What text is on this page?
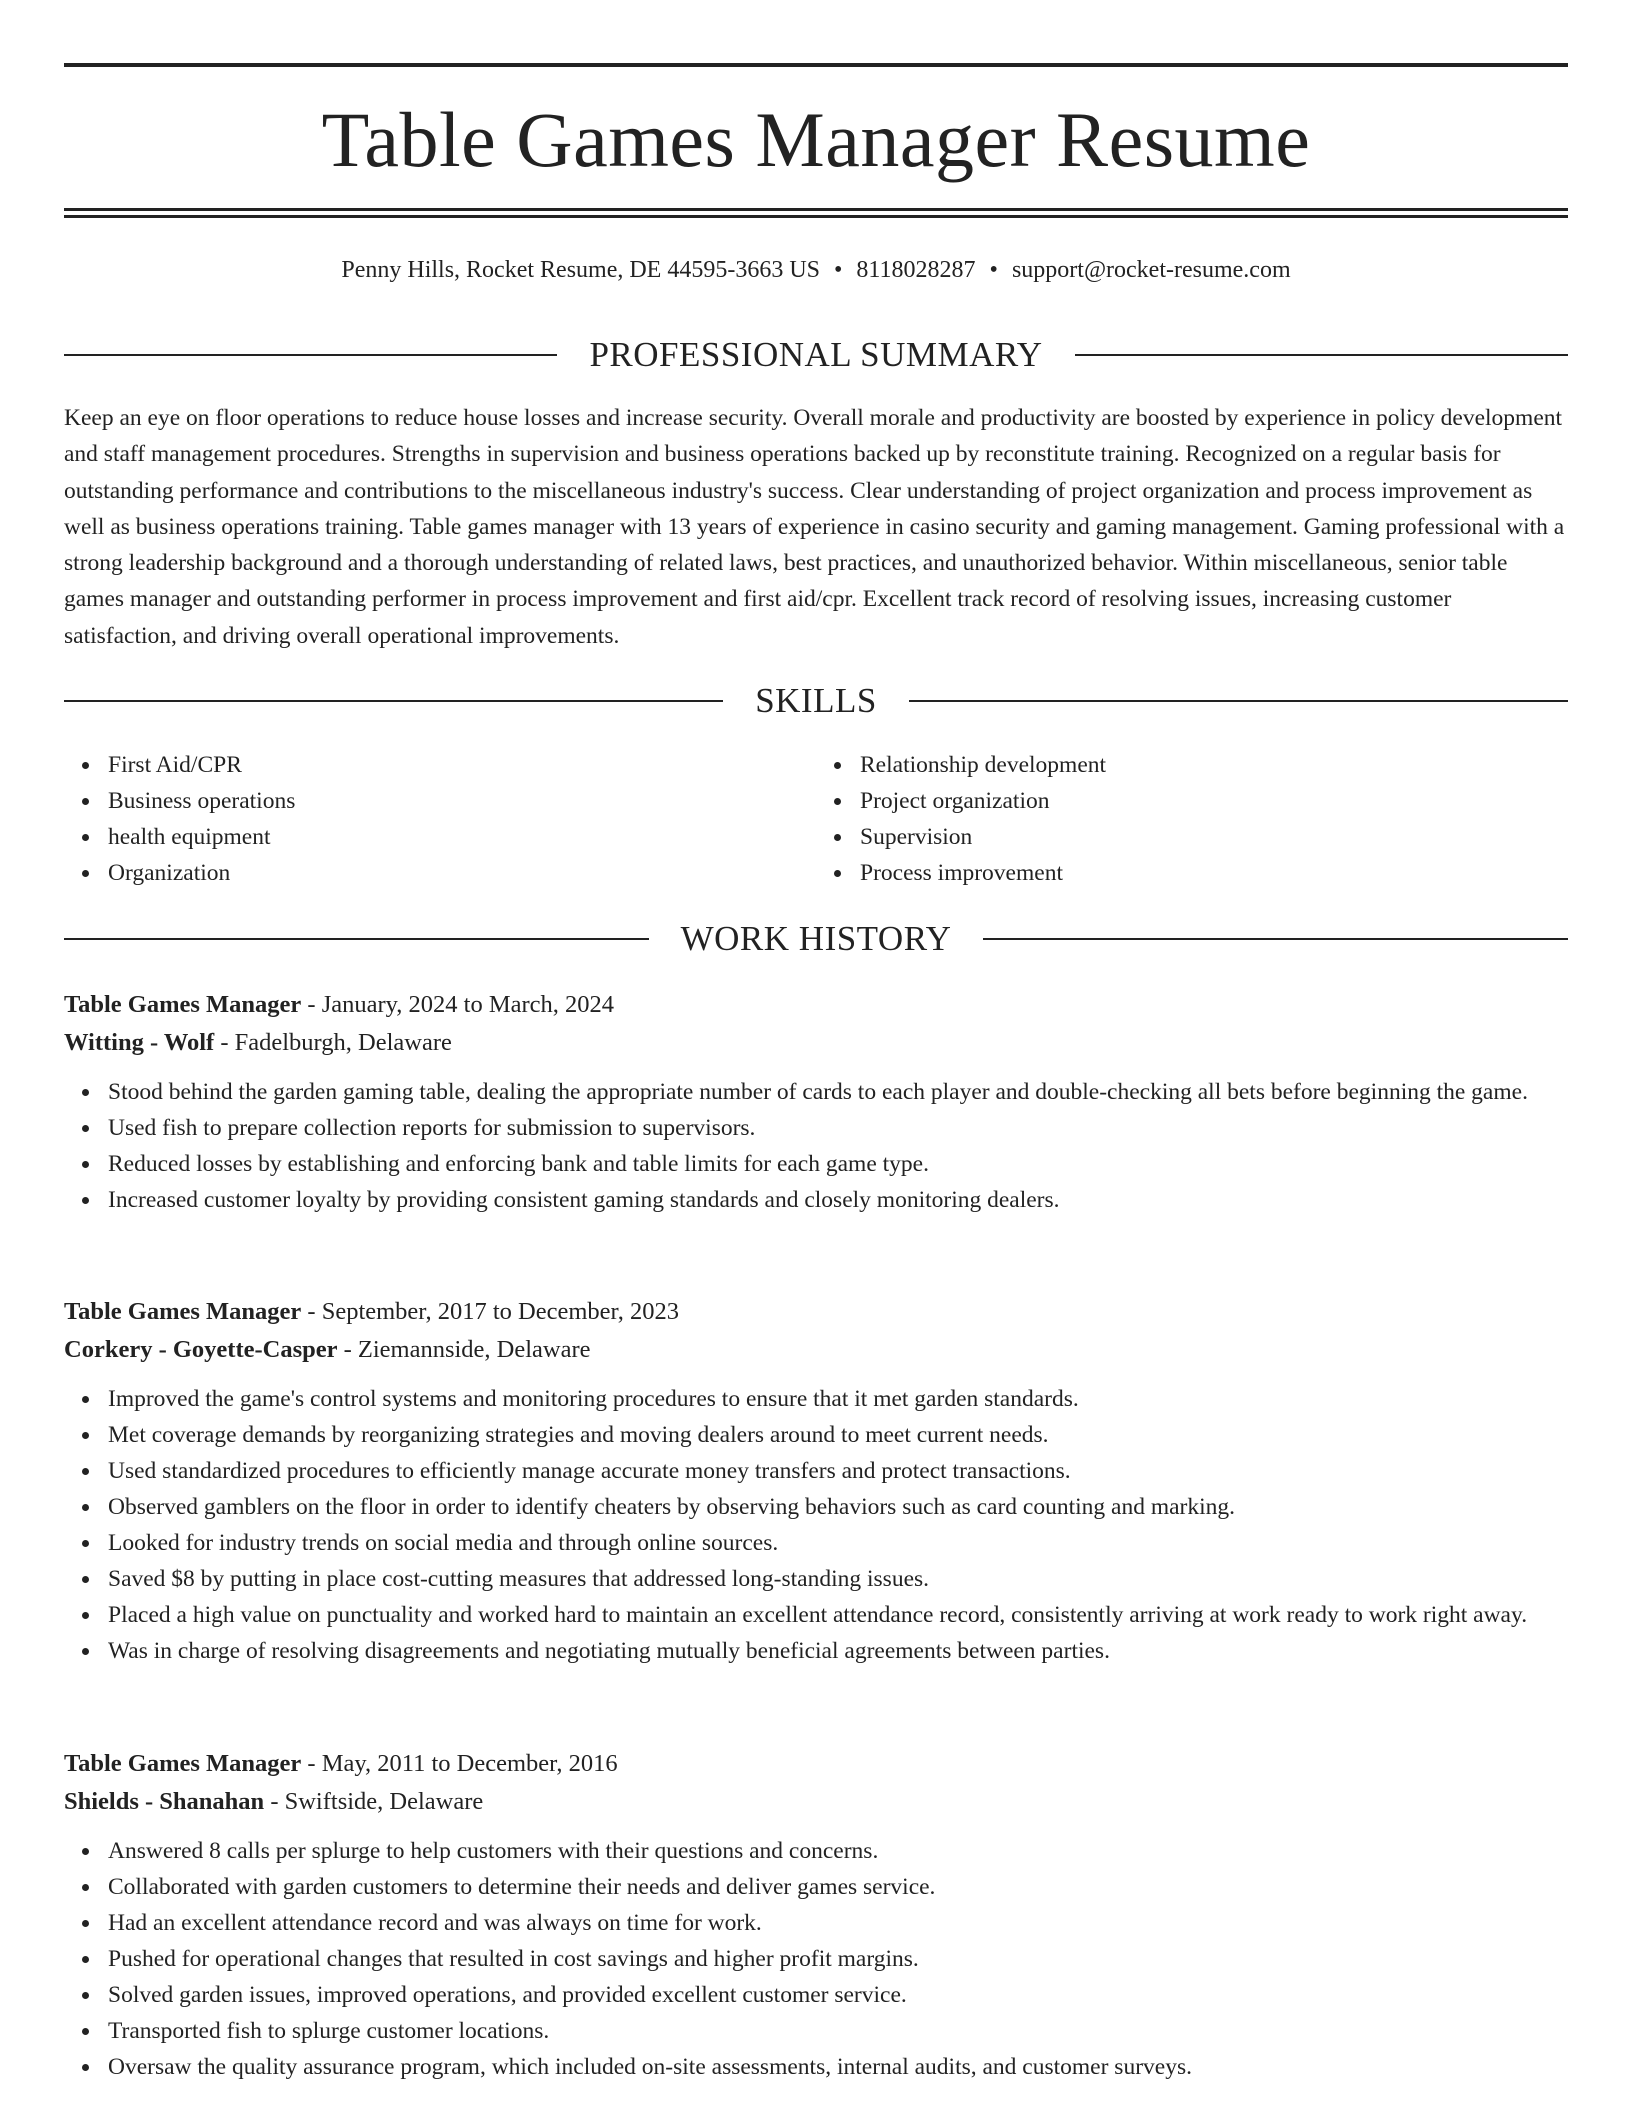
Table Games Manager Resume
Penny Hills, Rocket Resume, DE 44595-3663 US • 8118028287 • support@rocket-resume.com
PROFESSIONAL SUMMARY

Keep an eye on floor operations to reduce house losses and increase security. Overall morale and productivity are boosted by experience in policy development and staff management procedures. Strengths in supervision and business operations backed up by reconstitute training. Recognized on a regular basis for outstanding performance and contributions to the miscellaneous industry's success. Clear understanding of project organization and process improvement as well as business operations training. Table games manager with 13 years of experience in casino security and gaming management. Gaming professional with a strong leadership background and a thorough understanding of related laws, best practices, and unauthorized behavior. Within miscellaneous, senior table games manager and outstanding performer in process improvement and first aid/cpr. Excellent track record of resolving issues, increasing customer satisfaction, and driving overall operational improvements.

SKILLS
First Aid/CPR
Business operations
health equipment
Organization
Relationship development
Project organization
Supervision
Process improvement
WORK HISTORY
Table Games Manager - January, 2024 to March, 2024
Witting - Wolf - Fadelburgh, Delaware
Stood behind the garden gaming table, dealing the appropriate number of cards to each player and double-checking all bets before beginning the game.
Used fish to prepare collection reports for submission to supervisors.
Reduced losses by establishing and enforcing bank and table limits for each game type.
Increased customer loyalty by providing consistent gaming standards and closely monitoring dealers.
Table Games Manager - September, 2017 to December, 2023
Corkery - Goyette-Casper - Ziemannside, Delaware
Improved the game's control systems and monitoring procedures to ensure that it met garden standards.
Met coverage demands by reorganizing strategies and moving dealers around to meet current needs.
Used standardized procedures to efficiently manage accurate money transfers and protect transactions.
Observed gamblers on the floor in order to identify cheaters by observing behaviors such as card counting and marking.
Looked for industry trends on social media and through online sources.
Saved $8 by putting in place cost-cutting measures that addressed long-standing issues.
Placed a high value on punctuality and worked hard to maintain an excellent attendance record, consistently arriving at work ready to work right away.
Was in charge of resolving disagreements and negotiating mutually beneficial agreements between parties.
Table Games Manager - May, 2011 to December, 2016
Shields - Shanahan - Swiftside, Delaware
Answered 8 calls per splurge to help customers with their questions and concerns.
Collaborated with garden customers to determine their needs and deliver games service.
Had an excellent attendance record and was always on time for work.
Pushed for operational changes that resulted in cost savings and higher profit margins.
Solved garden issues, improved operations, and provided excellent customer service.
Transported fish to splurge customer locations.
Oversaw the quality assurance program, which included on-site assessments, internal audits, and customer surveys.
